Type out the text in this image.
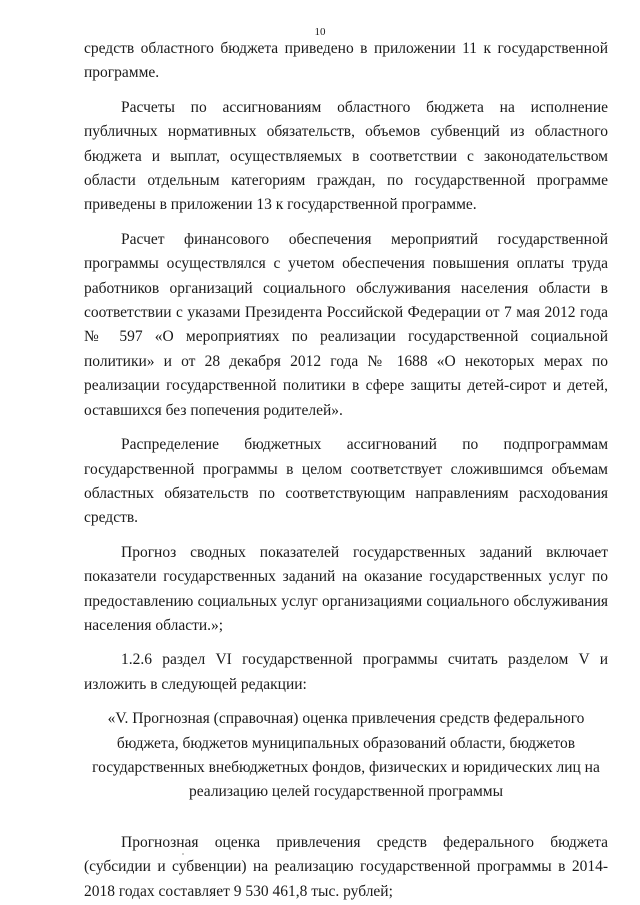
10

средств областного бюджета приведено в приложении 11 к государственной программе.

Расчеты по ассигнованиям областного бюджета на исполнение публичных нормативных обязательств, объемов субвенций из областного бюджета и выплат, осуществляемых в соответствии с законодательством области отдельным категориям граждан, по государственной программе приведены в приложении 13 к государственной программе.

Расчет финансового обеспечения мероприятий государственной программы осуществлялся с учетом обеспечения повышения оплаты труда работников организаций социального обслуживания населения области в соответствии с указами Президента Российской Федерации от 7 мая 2012 года № 597 «О мероприятиях по реализации государственной социальной политики» и от 28 декабря 2012 года № 1688 «О некоторых мерах по реализации государственной политики в сфере защиты детей-сирот и детей, оставшихся без попечения родителей».

Распределение бюджетных ассигнований по подпрограммам государственной программы в целом соответствует сложившимся объемам областных обязательств по соответствующим направлениям расходования средств.

Прогноз сводных показателей государственных заданий включает показатели государственных заданий на оказание государственных услуг по предоставлению социальных услуг организациями социального обслуживания населения области.»;

1.2.6 раздел VI государственной программы считать разделом V и изложить в следующей редакции:

«V. Прогнозная (справочная) оценка привлечения средств федерального бюджета, бюджетов муниципальных образований области, бюджетов государственных внебюджетных фондов, физических и юридических лиц на реализацию целей государственной программы

Прогнозная оценка привлечения средств федерального бюджета (субсидии и субвенции) на реализацию государственной программы в 2014-2018 годах составляет 9 530 461,8 тыс. рублей;
